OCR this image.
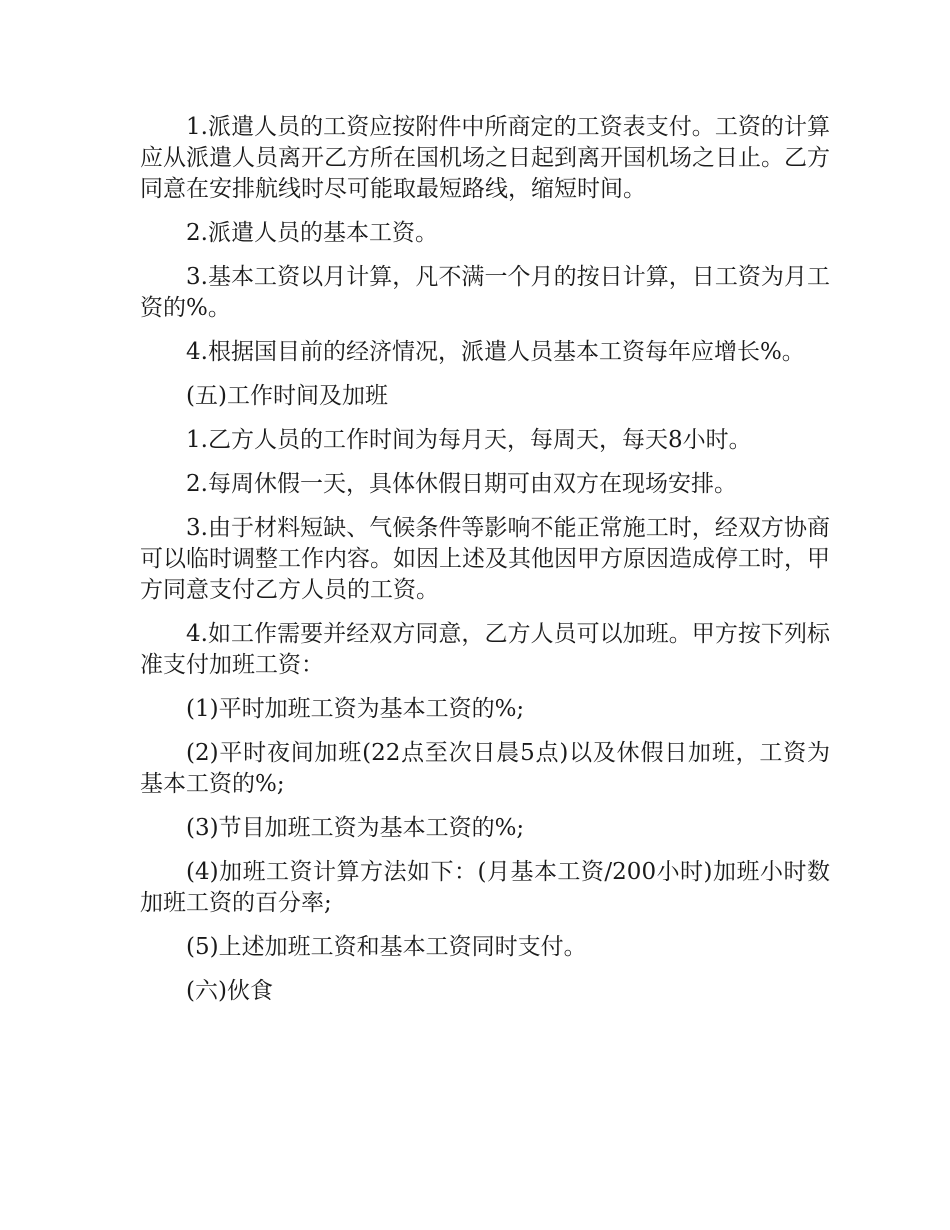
1.派遣人员的工资应按附件中所商定的工资表支付。工资的计算应从派遣人员离开乙方所在国机场之日起到离开国机场之日止。乙方同意在安排航线时尽可能取最短路线，缩短时间。

2.派遣人员的基本工资。

3.基本工资以月计算，凡不满一个月的按日计算，日工资为月工资的%。

4.根据国目前的经济情况，派遣人员基本工资每年应增长%。

(五)工作时间及加班

1.乙方人员的工作时间为每月天，每周天，每天8小时。

2.每周休假一天，具体休假日期可由双方在现场安排。

3.由于材料短缺、气候条件等影响不能正常施工时，经双方协商可以临时调整工作内容。如因上述及其他因甲方原因造成停工时，甲方同意支付乙方人员的工资。

4.如工作需要并经双方同意，乙方人员可以加班。甲方按下列标准支付加班工资：

(1)平时加班工资为基本工资的%;

(2)平时夜间加班(22点至次日晨5点)以及休假日加班，工资为基本工资的%;

(3)节目加班工资为基本工资的%;

(4)加班工资计算方法如下：(月基本工资/200小时)加班小时数加班工资的百分率;

(5)上述加班工资和基本工资同时支付。

(六)伙食
